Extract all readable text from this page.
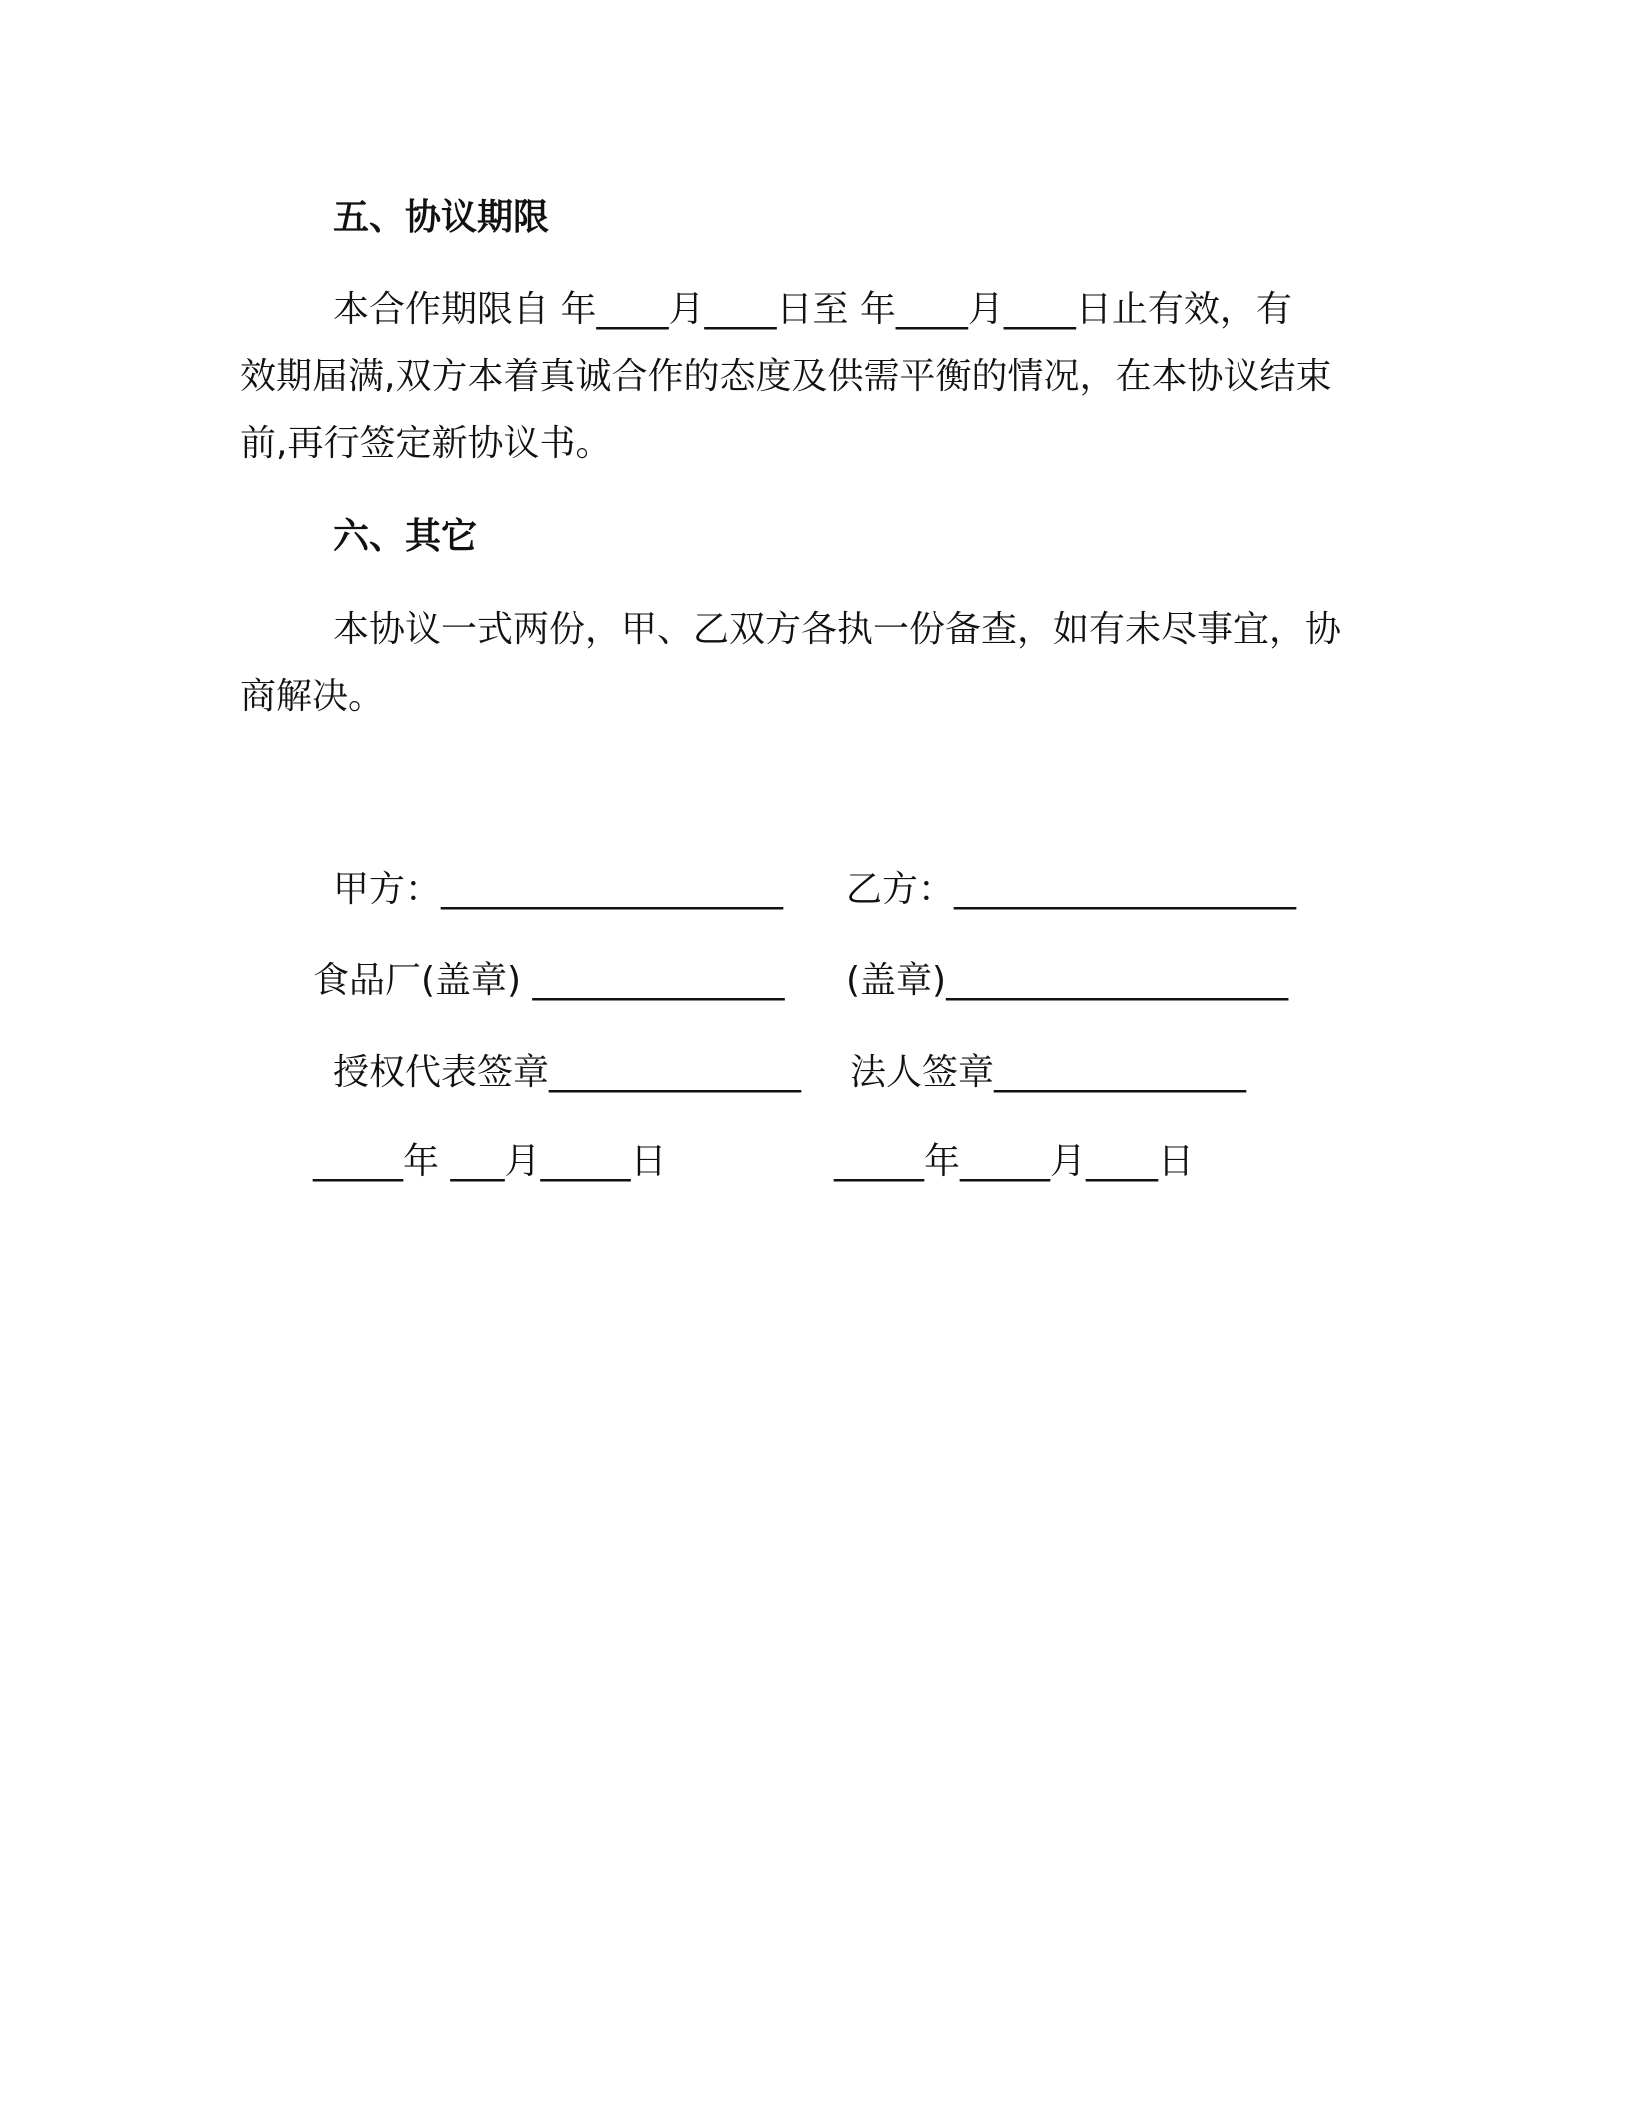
五、协议期限

本合作期限自 年____月____日至 年____月____日止有效，有

效期届满,双方本着真诚合作的态度及供需平衡的情况，在本协议结束

前,再行签定新协议书。

六、其它

本协议一式两份，甲、乙双方各执一份备查，如有未尽事宜，协

商解决。

甲方：___________________ 乙方：___________________

食品厂(盖章) ______________ (盖章)___________________

授权代表签章______________ 法人签章______________

_____年 ___月_____日	_____年_____月____日
